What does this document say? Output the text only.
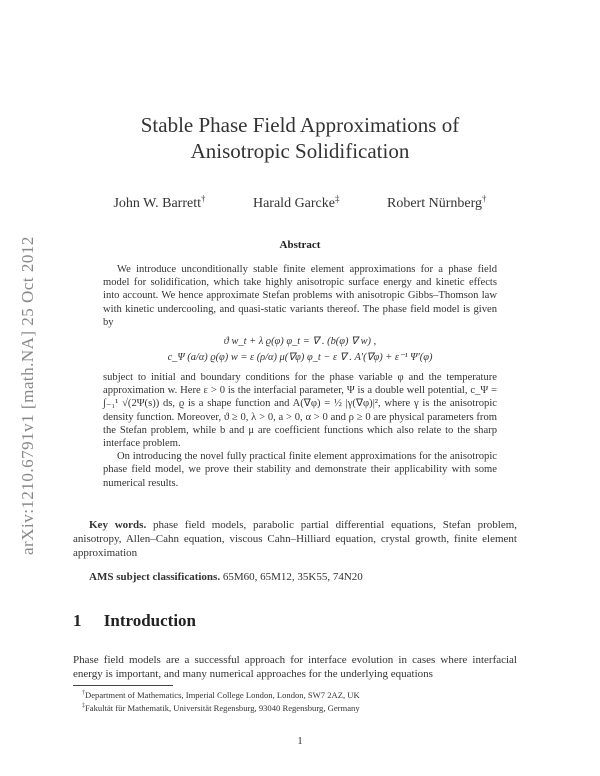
arXiv:1210.6791v1 [math.NA] 25 Oct 2012
Stable Phase Field Approximations of
Anisotropic Solidification
John W. Barrett†	Harald Garcke‡	Robert Nürnberg†
Abstract

We introduce unconditionally stable finite element approximations for a phase field model for solidification, which take highly anisotropic surface energy and kinetic effects into account. We hence approximate Stefan problems with anisotropic Gibbs–Thomson law with kinetic undercooling, and quasi-static variants thereof. The phase field model is given by

ϑ w_t + λ ϱ(φ) φ_t = ∇ . (b(φ) ∇ w) ,
c_Ψ (a/α) ϱ(φ) w = ε (ρ/α) μ(∇φ) φ_t − ε ∇ . A′(∇φ) + ε⁻¹ Ψ′(φ)

subject to initial and boundary conditions for the phase variable φ and the temperature approximation w. Here ε > 0 is the interfacial parameter, Ψ is a double well potential, c_Ψ = ∫₋₁¹ √(2Ψ(s)) ds, ϱ is a shape function and A(∇φ) = ½ |γ(∇φ)|², where γ is the anisotropic density function. Moreover, ϑ ≥ 0, λ > 0, a > 0, α > 0 and ρ ≥ 0 are physical parameters from the Stefan problem, while b and μ are coefficient functions which also relate to the sharp interface problem.

On introducing the novel fully practical finite element approximations for the anisotropic phase field model, we prove their stability and demonstrate their applicability with some numerical results.

Key words. phase field models, parabolic partial differential equations, Stefan problem, anisotropy, Allen–Cahn equation, viscous Cahn–Hilliard equation, crystal growth, finite element approximation
AMS subject classifications. 65M60, 65M12, 35K55, 74N20
1 Introduction
Phase field models are a successful approach for interface evolution in cases where interfacial energy is important, and many numerical approaches for the underlying equations
†Department of Mathematics, Imperial College London, London, SW7 2AZ, UK
‡Fakultät für Mathematik, Universität Regensburg, 93040 Regensburg, Germany
1
